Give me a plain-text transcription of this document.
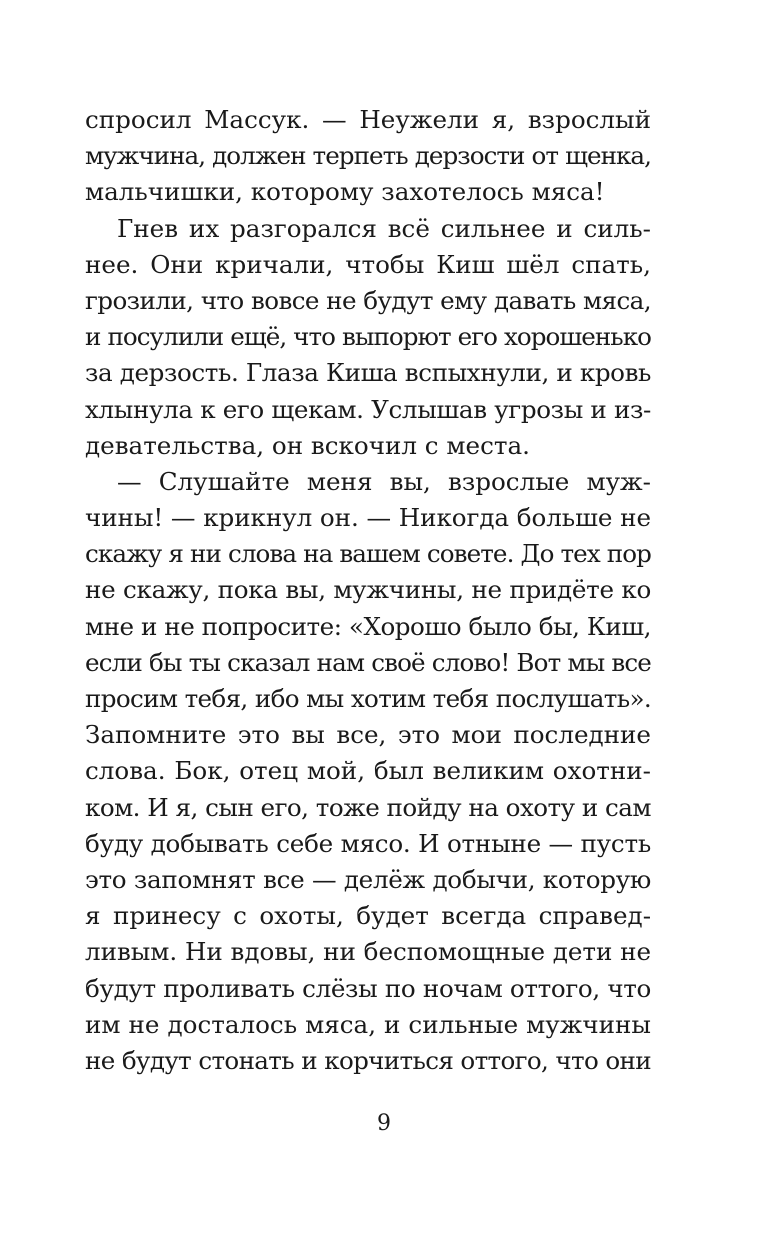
спросил Массук. — Неужели я, взрослый
мужчина, должен терпеть дерзости от щенка,
мальчишки, которому захотелось мяса!
Гнев их разгорался всё сильнее и силь-
нее. Они кричали, чтобы Киш шёл спать,
грозили, что вовсе не будут ему давать мяса,
и посулили ещё, что выпорют его хорошенько
за дерзость. Глаза Киша вспыхнули, и кровь
хлынула к его щекам. Услышав угрозы и из-
девательства, он вскочил с места.
— Слушайте меня вы, взрослые муж-
чины! — крикнул он. — Никогда больше не
скажу я ни слова на вашем совете. До тех пор
не скажу, пока вы, мужчины, не придёте ко
мне и не попросите: «Хорошо было бы, Киш,
если бы ты сказал нам своё слово! Вот мы все
просим тебя, ибо мы хотим тебя послушать».
Запомните это вы все, это мои последние
слова. Бок, отец мой, был великим охотни-
ком. И я, сын его, тоже пойду на охоту и сам
буду добывать себе мясо. И отныне — пусть
это запомнят все — делёж добычи, которую
я принесу с охоты, будет всегда справед-
ливым. Ни вдовы, ни беспомощные дети не
будут проливать слёзы по ночам оттого, что
им не досталось мяса, и сильные мужчины
не будут стонать и корчиться оттого, что они
9
